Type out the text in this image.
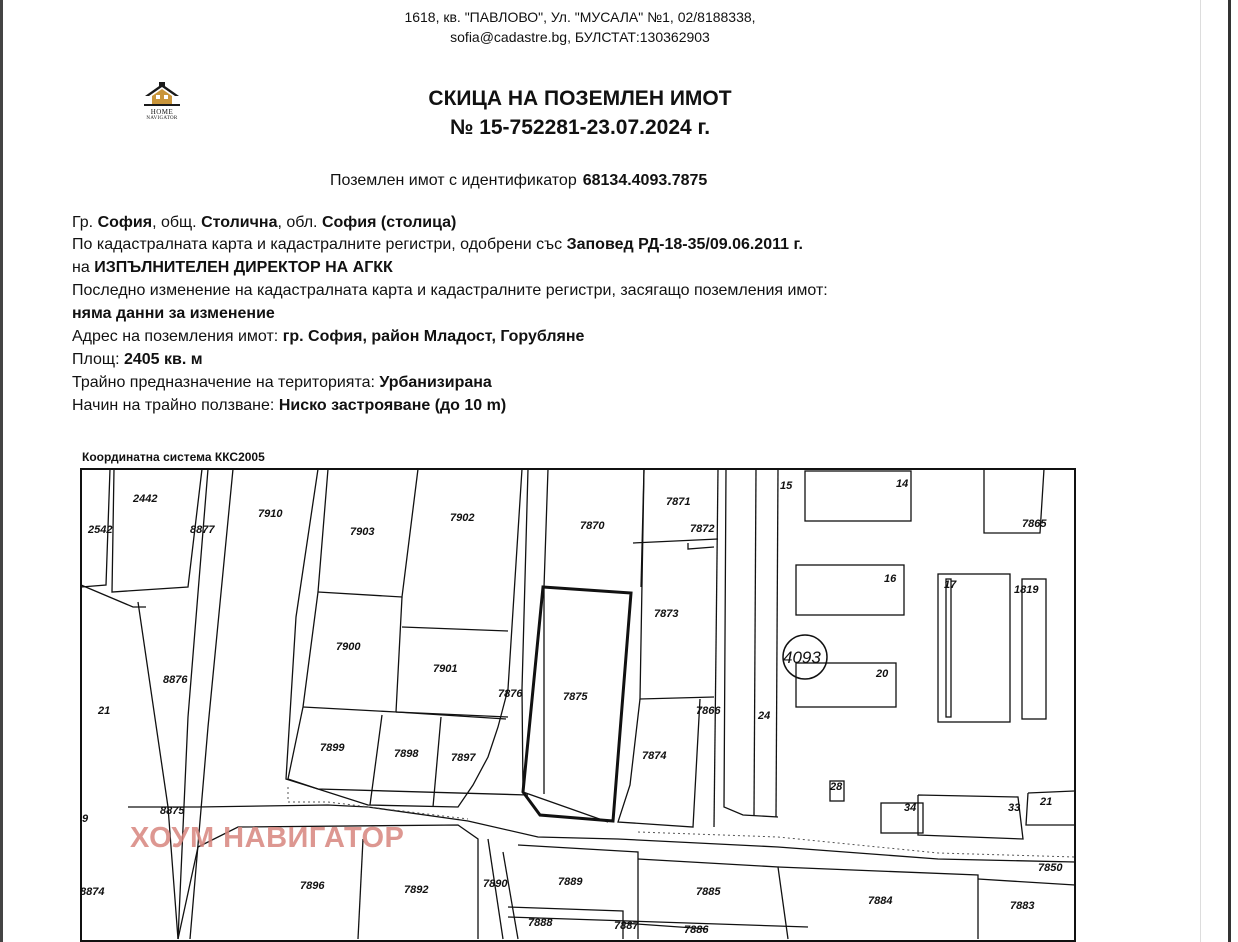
1618, кв. "ПАВЛОВО", Ул. "МУСАЛА" №1, 02/8188338,
sofia@cadastre.bg, БУЛСТАТ:130362903
HOME
NAVIGATOR
СКИЦА НА ПОЗЕМЛЕН ИМОТ
№ 15-752281-23.07.2024 г.
Поземлен имот с идентификатор 68134.4093.7875
Гр. София, общ. Столична, обл. София (столица)
По кадастралната карта и кадастралните регистри, одобрени със Заповед РД-18-35/09.06.2011 г.
на ИЗПЪЛНИТЕЛЕН ДИРЕКТОР НА АГКК
Последно изменение на кадастралната карта и кадастралните регистри, засягащо поземления имот:
няма данни за изменение
Адрес на поземления имот: гр. София, район Младост, Горубляне
Площ: 2405 кв. м
Трайно предназначение на територията: Урбанизирана
Начин на трайно ползване: Ниско застрояване (до 10 m)
Координатна система ККС2005
4093
2442
2542	8877
7910
7903
7902
7870
7871
7872
7873
7900
7901
7876	7875
7874
7866
8876
21
7899	7898	7897
8875
9
8874	7896	7892	7890	7889
7885
7884	7883
7850
7888	7887	7886
15	14
7865
16	17	1819
20
24
28
34	33 21
ХОУМ НАВИГАТОР
